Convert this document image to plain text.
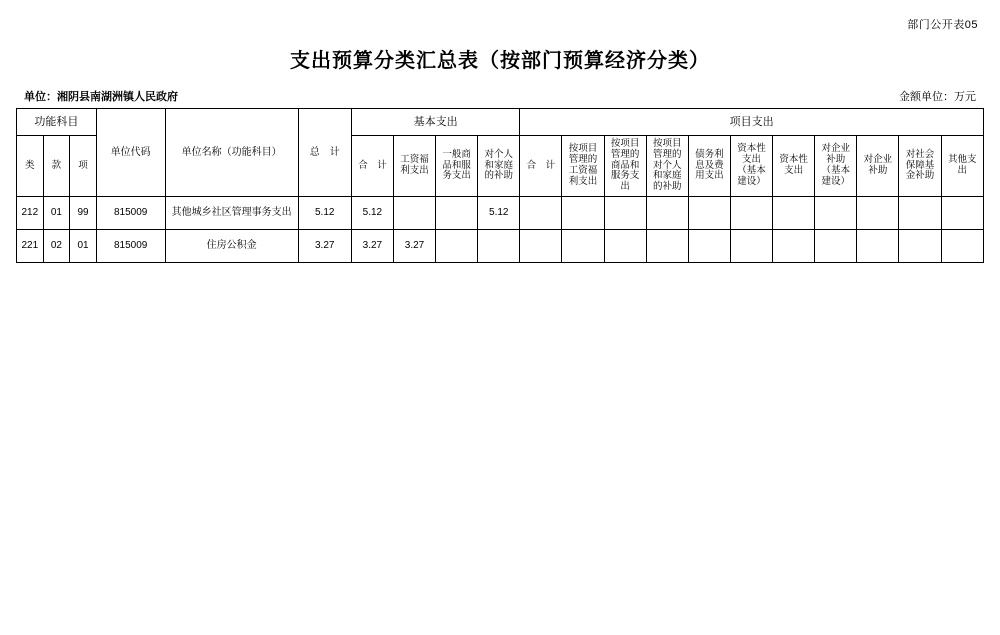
部门公开表05
支出预算分类汇总表（按部门预算经济分类）
单位：湘阴县南湖洲镇人民政府	金额单位：万元
功能科目			单位代码	单位名称（功能科目）	总　计	基本支出				项目支出										
类	款	项				合　计	工资福利支出	一般商品和服务支出	对个人和家庭的补助	合　计	按项目管理的工资福利支出	按项目管理的商品和服务支出	按项目管理的对个人和家庭的补助	债务利息及费用支出	资本性支出（基本建设）	资本性支出	对企业补助（基本建设）	对企业补助	对社会保障基金补助	其他支出
212	01	99	815009	其他城乡社区管理事务支出	5.12	5.12			5.12											
221	02	01	815009	住房公积金	3.27	3.27	3.27													
